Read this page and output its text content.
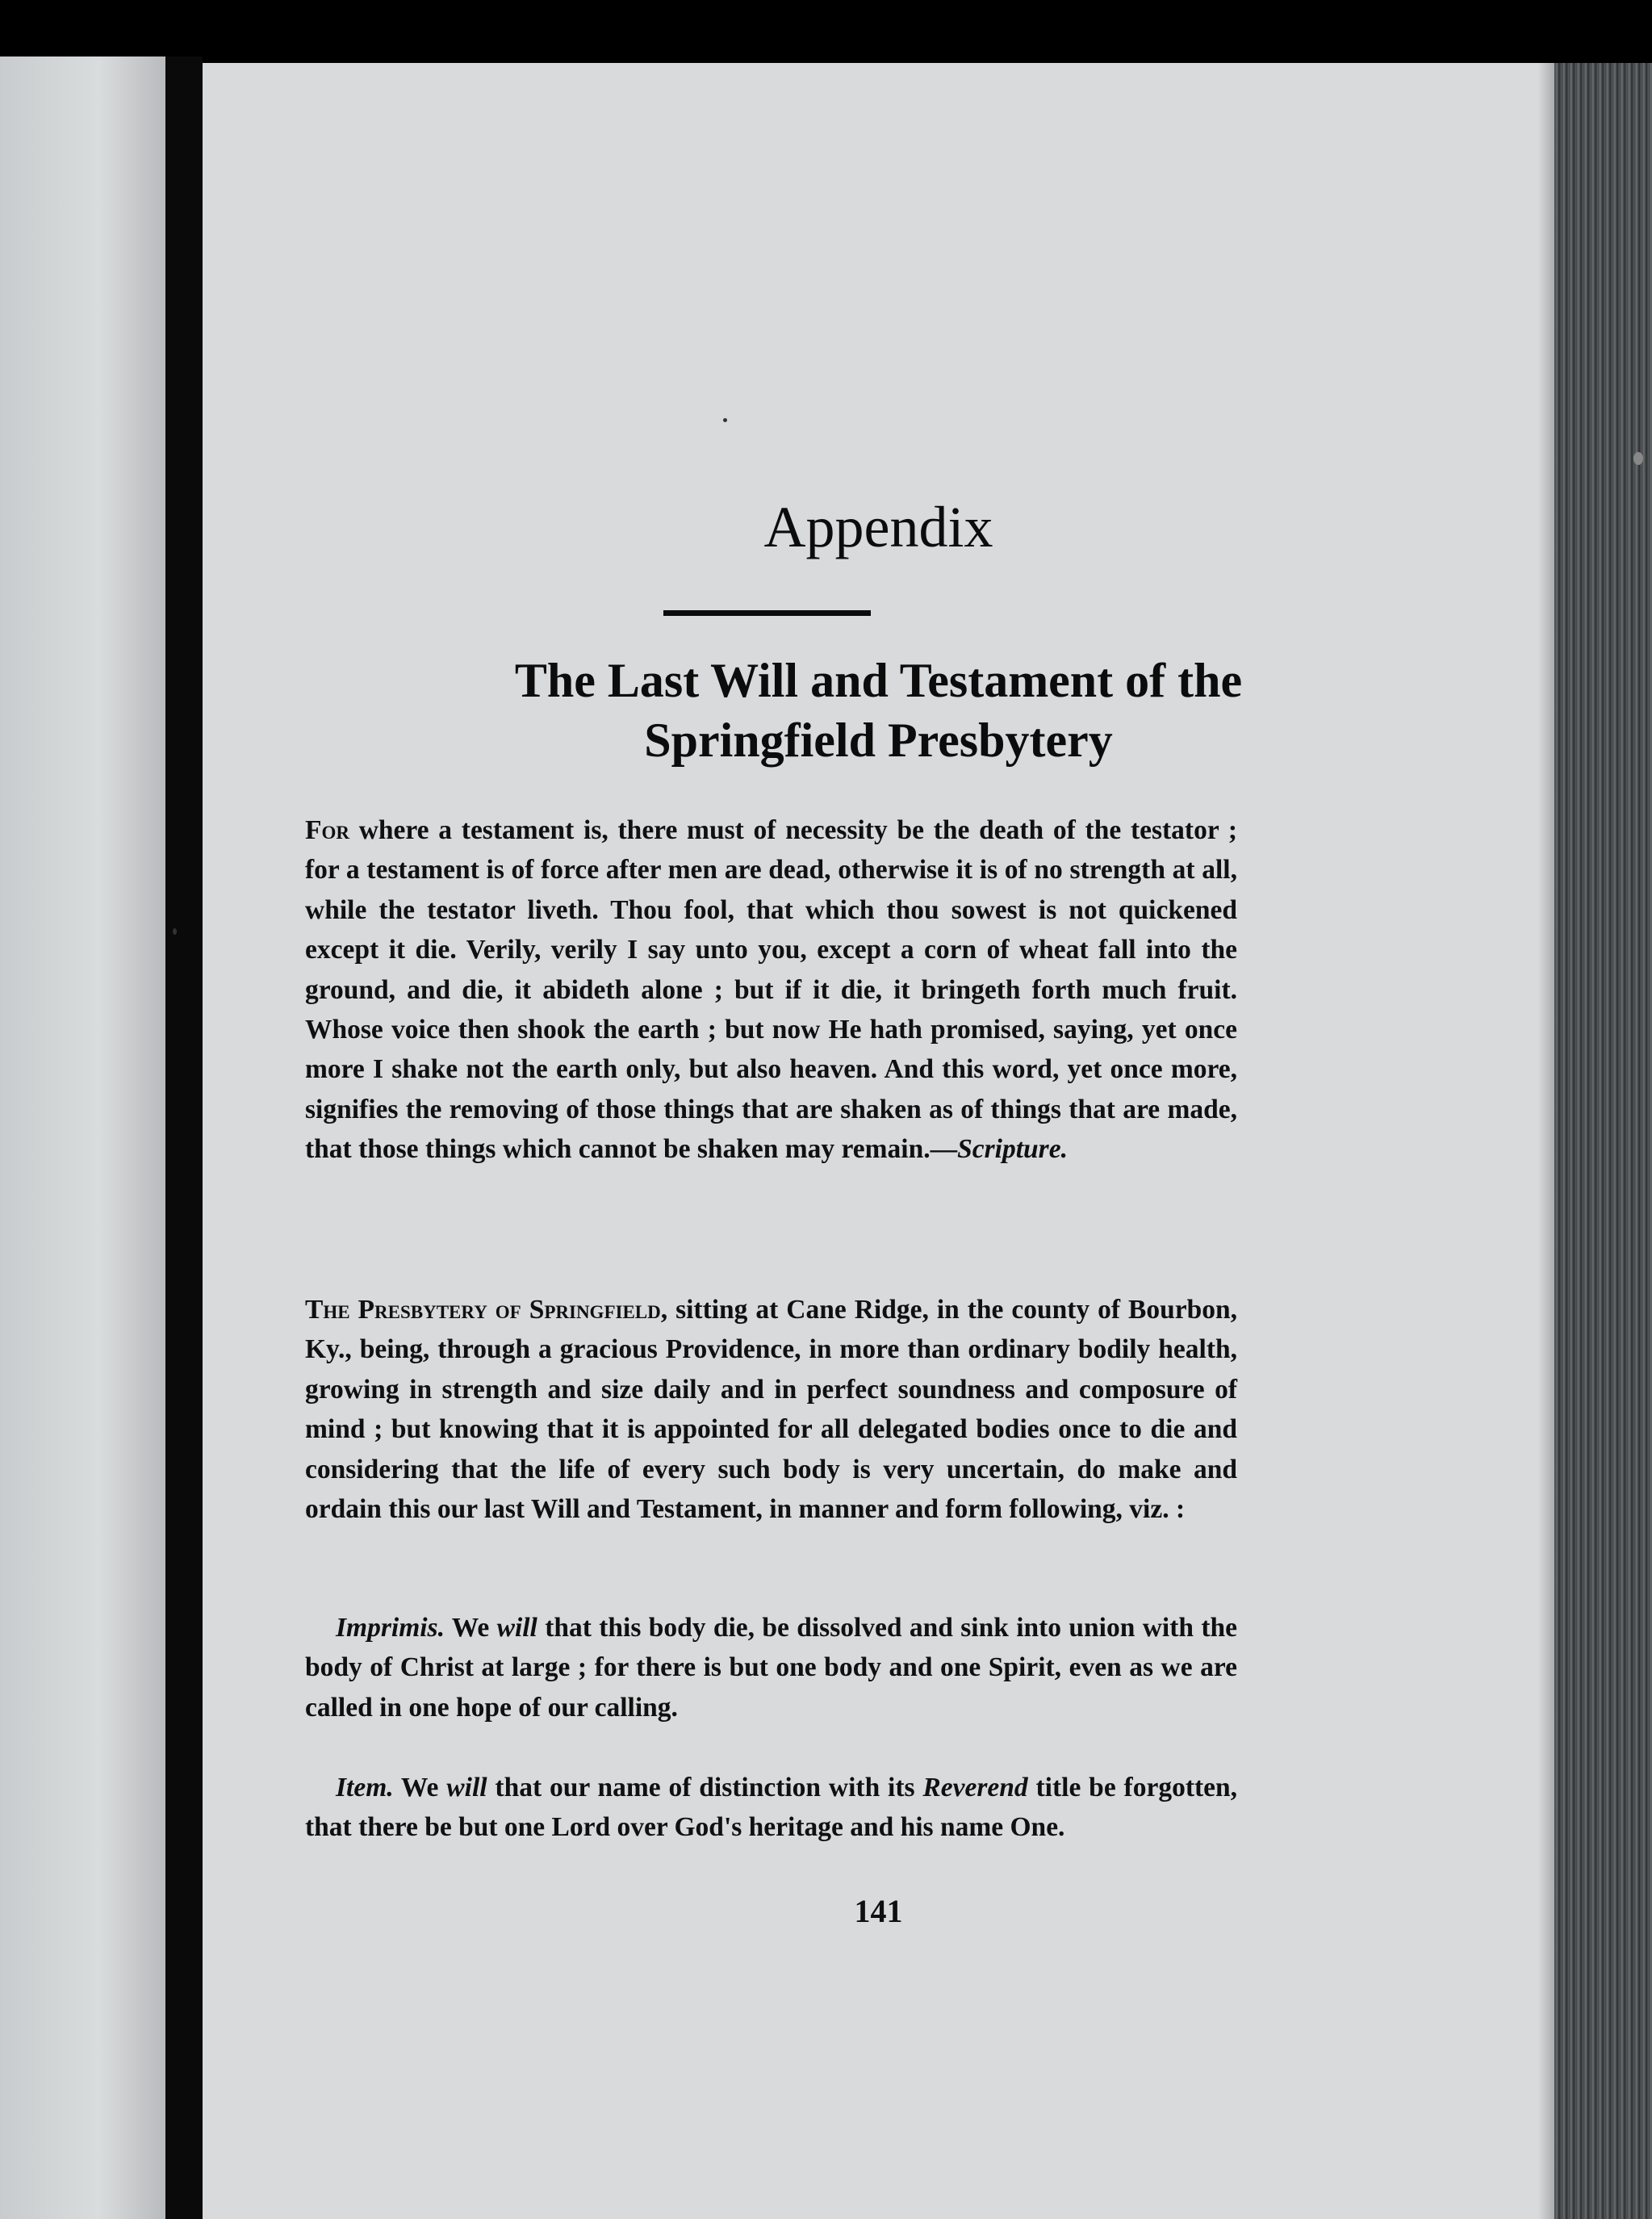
Appendix
The Last Will and Testament of the
Springfield Presbytery

For where a testament is, there must of necessity be the death of the testator ; for a testament is of force after men are dead, otherwise it is of no strength at all, while the testator liveth. Thou fool, that which thou sowest is not quickened except it die. Verily, verily I say unto you, except a corn of wheat fall into the ground, and die, it abideth alone ; but if it die, it bringeth forth much fruit. Whose voice then shook the earth ; but now He hath promised, saying, yet once more I shake not the earth only, but also heaven. And this word, yet once more, signifies the removing of those things that are shaken as of things that are made, that those things which cannot be shaken may remain.—Scripture.

The Presbytery of Springfield, sitting at Cane Ridge, in the county of Bourbon, Ky., being, through a gracious Providence, in more than ordinary bodily health, growing in strength and size daily and in perfect soundness and composure of mind ; but knowing that it is appointed for all delegated bodies once to die and considering that the life of every such body is very uncertain, do make and ordain this our last Will and Testament, in manner and form following, viz. :

Imprimis. We will that this body die, be dissolved and sink into union with the body of Christ at large ; for there is but one body and one Spirit, even as we are called in one hope of our calling.

Item. We will that our name of distinction with its Reverend title be forgotten, that there be but one Lord over God's heritage and his name One.

141
